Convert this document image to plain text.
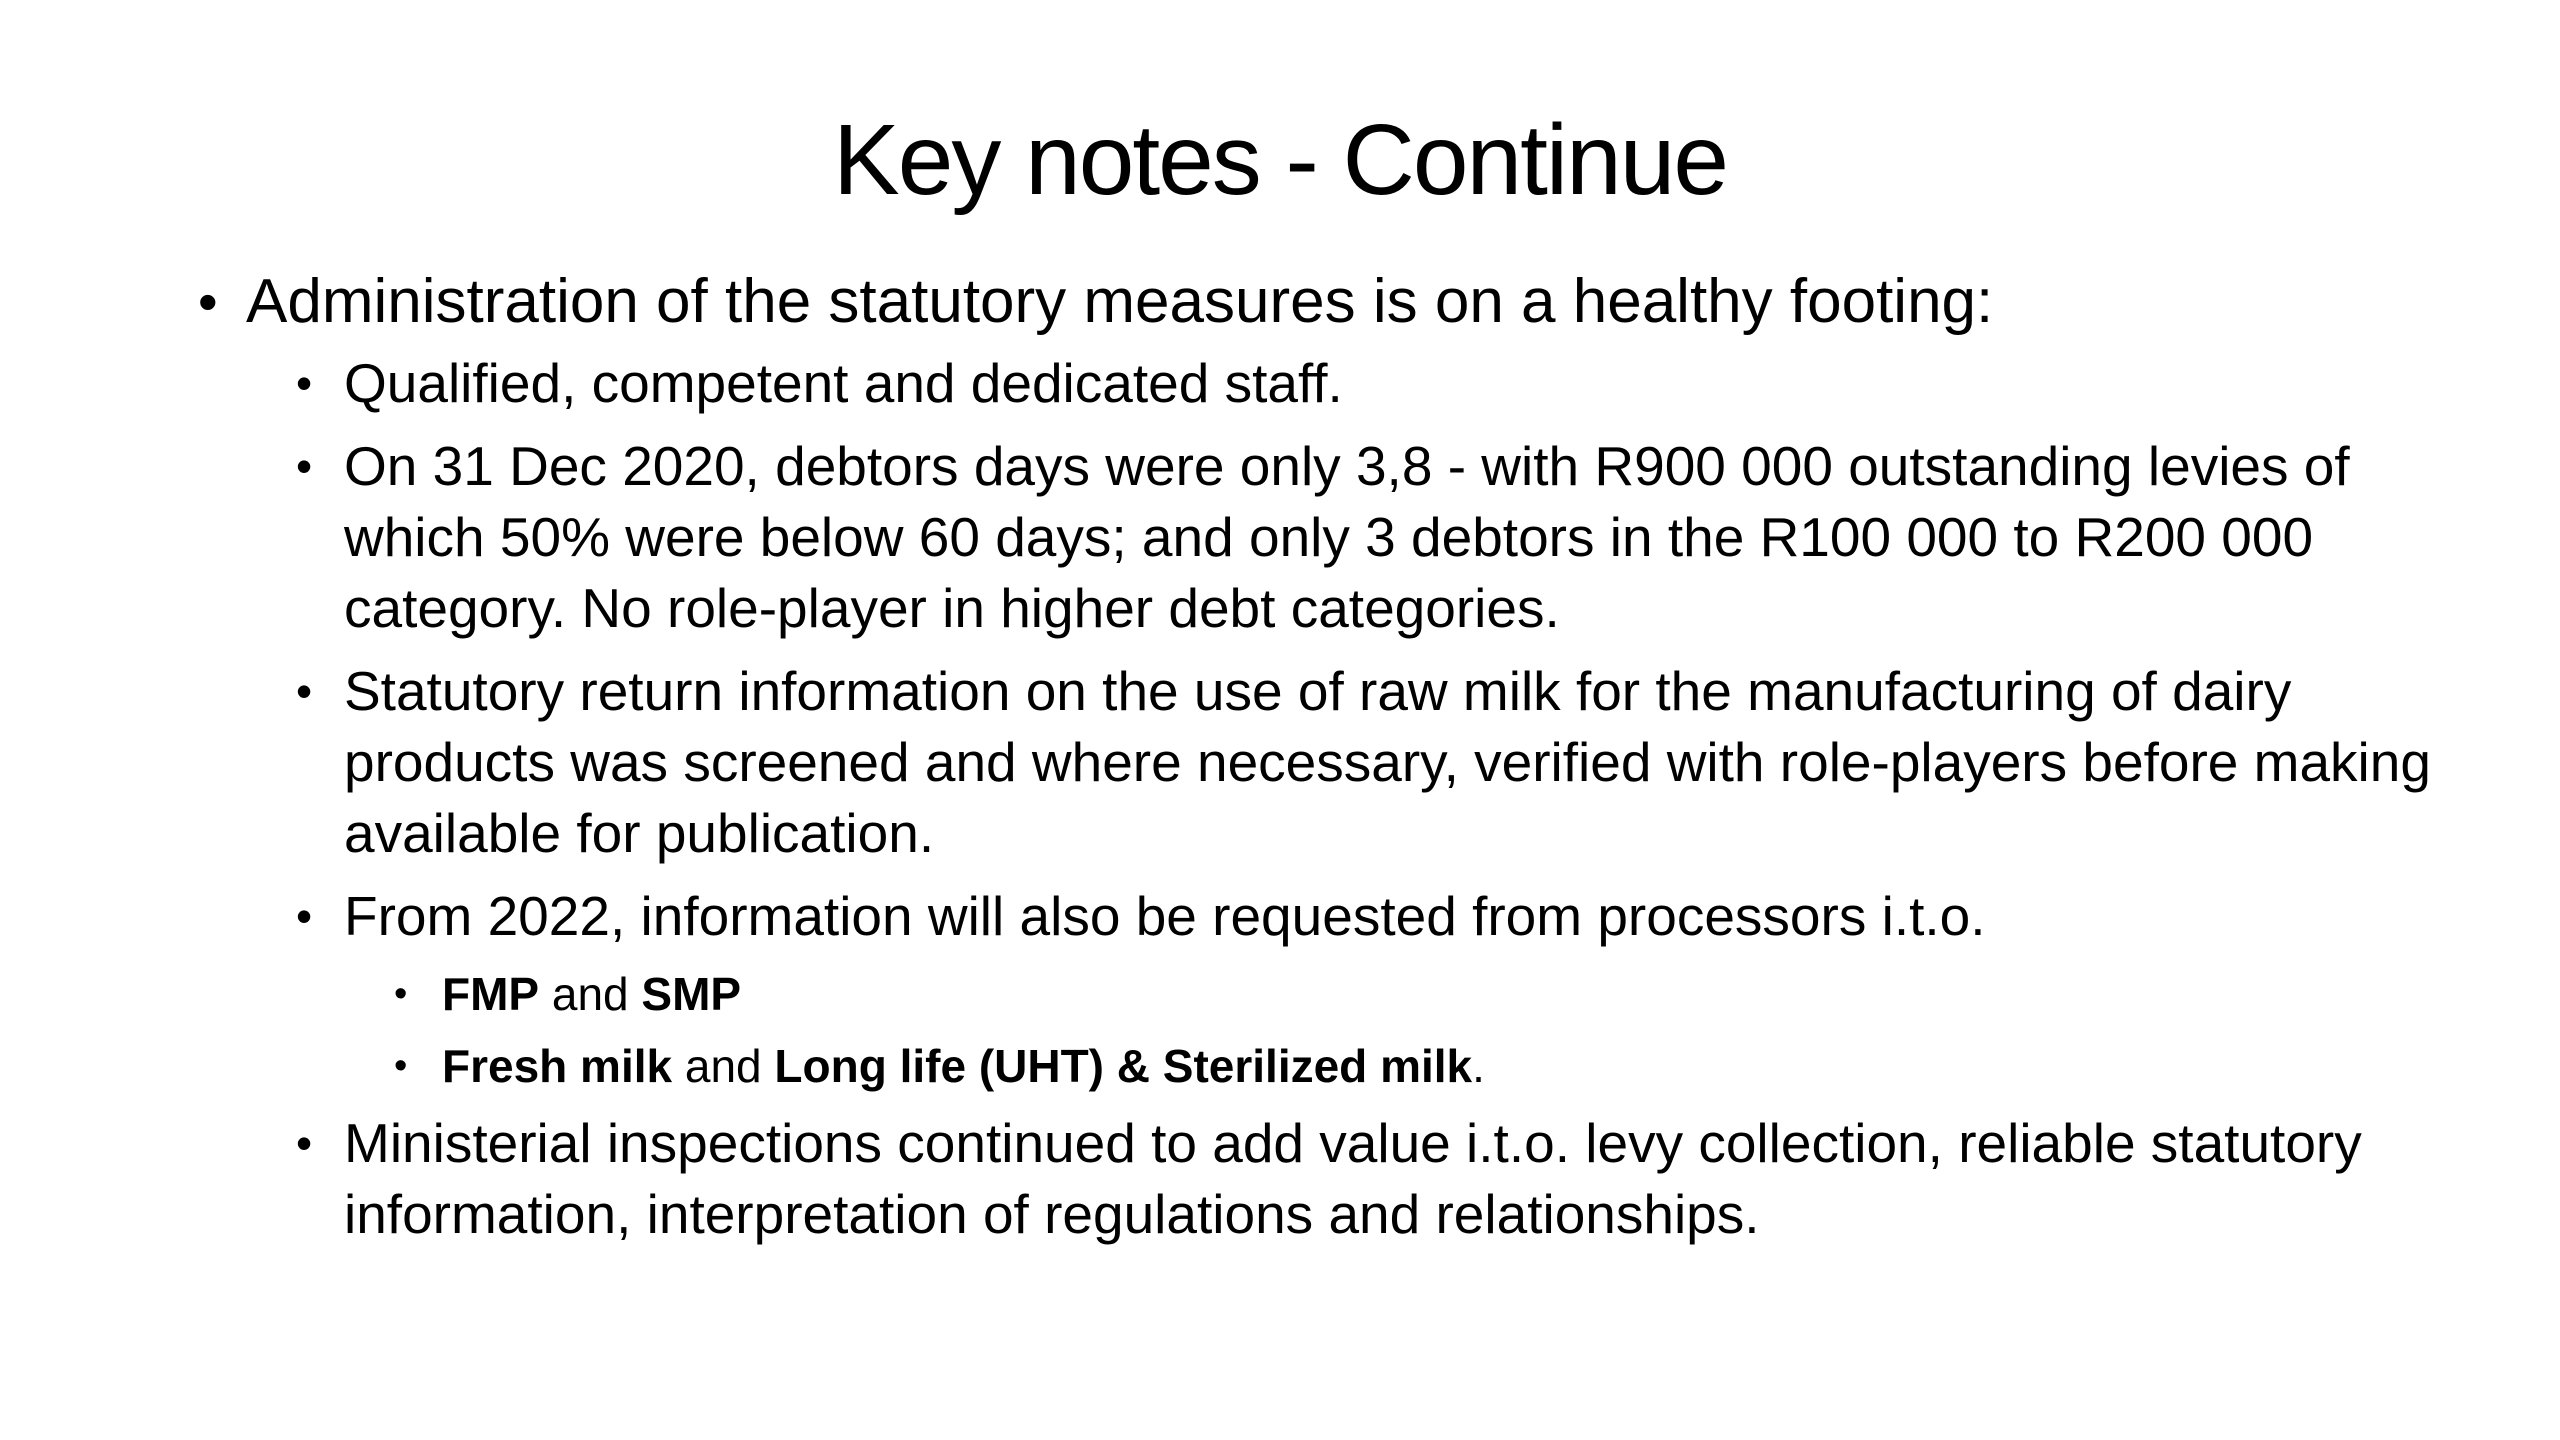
Key notes - Continue
• Administration of the statutory measures is on a healthy footing:
• Qualified, competent and dedicated staff.
• On 31 Dec 2020, debtors days were only 3,8 - with R900 000 outstanding levies of which 50% were below 60 days; and only 3 debtors in the R100 000 to R200 000 category. No role-player in higher debt categories.
• Statutory return information on the use of raw milk for the manufacturing of dairy products was screened and where necessary, verified with role-players before making available for publication.
• From 2022, information will also be requested from processors i.t.o.
• FMP and SMP
• Fresh milk and Long life (UHT) & Sterilized milk.
• Ministerial inspections continued to add value i.t.o. levy collection, reliable statutory information, interpretation of regulations and relationships.
